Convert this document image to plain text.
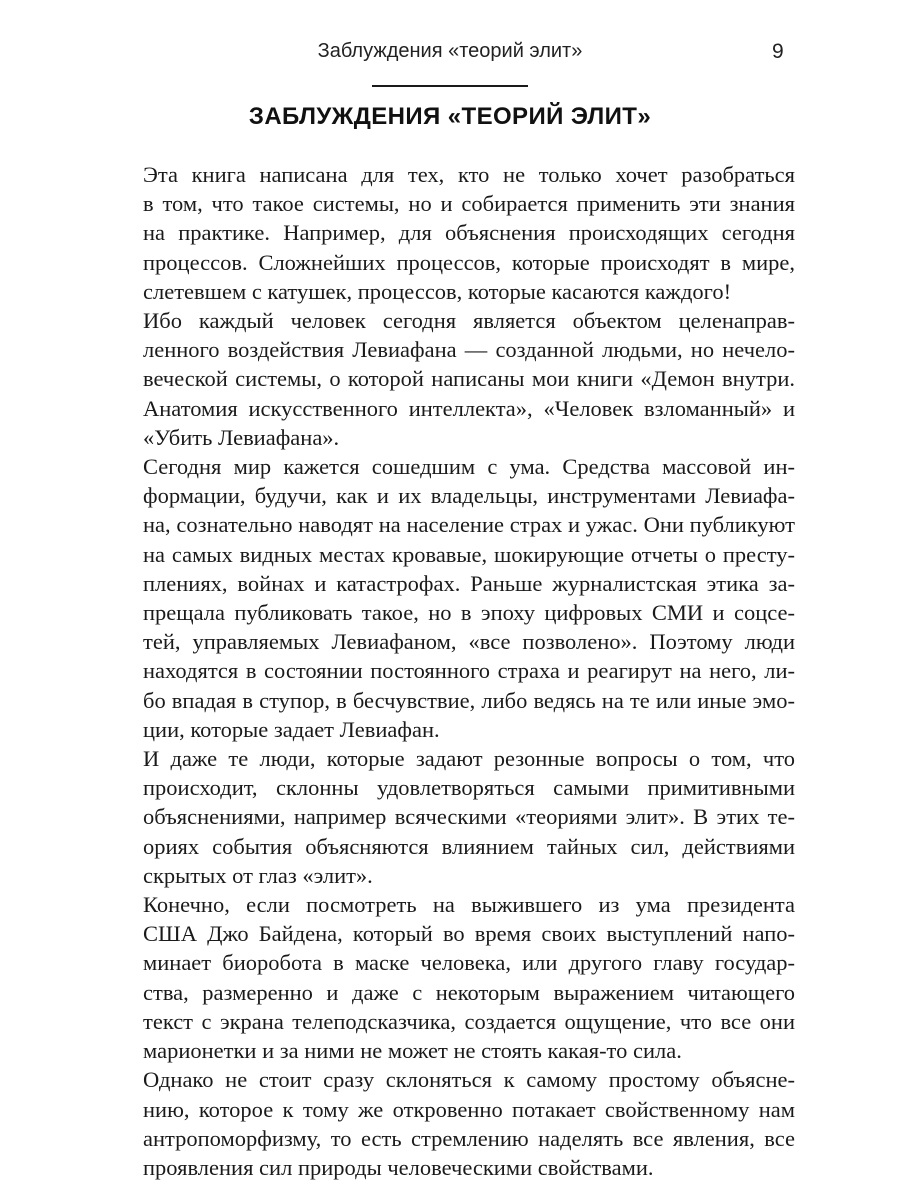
Заблуждения «теорий элит»	9
ЗАБЛУЖДЕНИЯ «ТЕОРИЙ ЭЛИТ»

Эта книга написана для тех, кто не только хочет разобраться
в том, что такое системы, но и собирается применить эти знания
на практике. Например, для объяснения происходящих сегодня
процессов. Сложнейших процессов, которые происходят в мире,
слетевшем с катушек, процессов, которые касаются каждого!

Ибо каждый человек сегодня является объектом целенаправ-
ленного воздействия Левиафана — созданной людьми, но нечело-
веческой системы, о которой написаны мои книги «Демон внутри.
Анатомия искусственного интеллекта», «Человек взломанный» и
«Убить Левиафана».

Сегодня мир кажется сошедшим с ума. Средства массовой ин-
формации, будучи, как и их владельцы, инструментами Левиафа-
на, сознательно наводят на население страх и ужас. Они публикуют
на самых видных местах кровавые, шокирующие отчеты о престу-
плениях, войнах и катастрофах. Раньше журналистская этика за-
прещала публиковать такое, но в эпоху цифровых СМИ и соцсе-
тей, управляемых Левиафаном, «все позволено». Поэтому люди
находятся в состоянии постоянного страха и реагирут на него, ли-
бо впадая в ступор, в бесчувствие, либо ведясь на те или иные эмо-
ции, которые задает Левиафан.

И даже те люди, которые задают резонные вопросы о том, что
происходит, склонны удовлетворяться самыми примитивными
объяснениями, например всяческими «теориями элит». В этих те-
ориях события объясняются влиянием тайных сил, действиями
скрытых от глаз «элит».

Конечно, если посмотреть на выжившего из ума президента
США Джо Байдена, который во время своих выступлений напо-
минает биоробота в маске человека, или другого главу государ-
ства, размеренно и даже с некоторым выражением читающего
текст с экрана телеподсказчика, создается ощущение, что все они
марионетки и за ними не может не стоять какая-то сила.

Однако не стоит сразу склоняться к самому простому объясне-
нию, которое к тому же откровенно потакает свойственному нам
антропоморфизму, то есть стремлению наделять все явления, все
проявления сил природы человеческими свойствами.
